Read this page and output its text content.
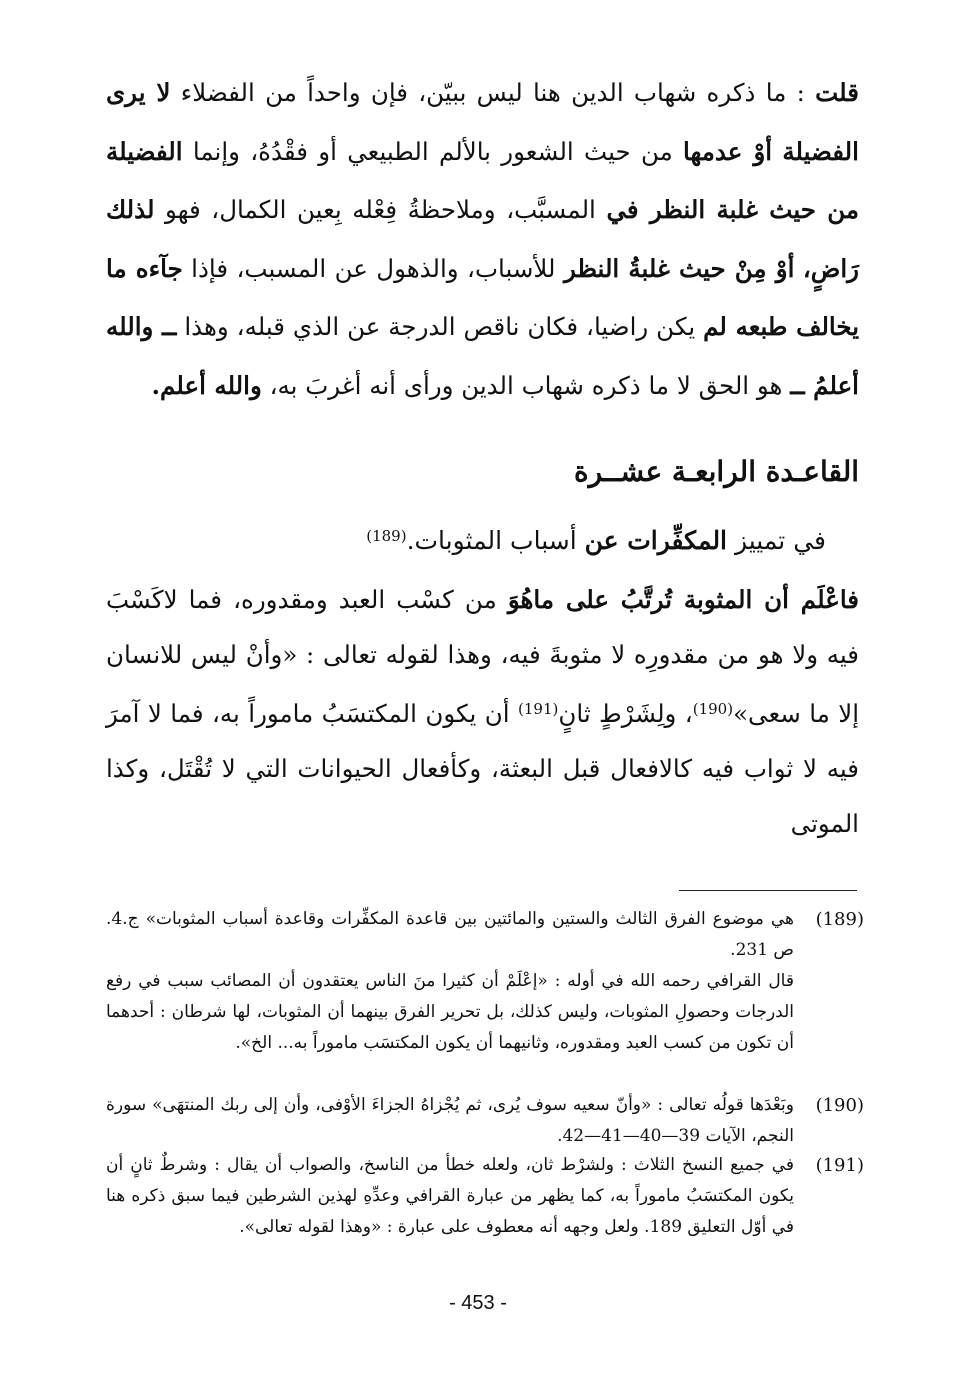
قلت : ما ذكره شهاب الدين هنا ليس ببيّن، فإن واحداً من الفضلاء لا يرى الفضيلة أوْ عدمها من حيث الشعور بالألم الطبيعي أو فقْدُهُ، وإنما الفضيلة من حيث غلبة النظر في المسبَّب، وملاحظةُ فِعْله بِعين الكمال، فهو لذلك رَاضٍ، أوْ مِنْ حيث غلبةُ النظر للأسباب، والذهول عن المسبب، فإذا جآءه ما يخالف طبعه لم يكن راضيا، فكان ناقص الدرجة عن الذي قبله، وهذا ــ والله أعلمُ ــ هو الحق لا ما ذكره شهاب الدين ورأى أنه أغربَ به، والله أعلم.

القاعـدة الرابعـة عشــرة
في تمييز المكفِّرات عن أسباب المثوبات.$^{(189)}$

فاعْلَم أن المثوبة تُرتَّبُ على ماهُوَ من كسْب العبد ومقدوره، فما لاكَسْبَ فيه ولا هو من مقدورِه لا مثوبةَ فيه، وهذا لقوله تعالى : «وأنْ ليس للانسان إلا ما سعى»$^{(190)}$، ولِشَرْطٍ ثانٍ$^{(191)}$ أن يكون المكتسَبُ ماموراً به، فما لا آمرَ فيه لا ثواب فيه كالافعال قبل البعثة، وكأفعال الحيوانات التي لا تُقْتَل، وكذا الموتى

(189)
هي موضوع الفرق الثالث والستين والمائتين بين قاعدة المكفِّرات وقاعدة أسباب المثوبات» ج.4. ص 231.
قال القرافي رحمه الله في أوله : «إعْلَمْ أن كثيرا منَ الناس يعتقدون أن المصائب سبب في رفع الدرجات وحصولِ المثوبات، وليس كذلك، بل تحرير الفرق بينهما أن المثوبات، لها شرطان : أحدهما أن تكون من كسب العبد ومقدوره، وثانيهما أن يكون المكتسَب ماموراً به... الخ».
(190)
وبَعْدَها قولُه تعالى : «وأنّ سعيه سوف يُرى، ثم يُجْزاهُ الجزاءَ الأوْفى، وأن إلى ربك المنتهَى» سورة النجم، الآيات 39—40—41—42.
(191)
في جميع النسخ الثلاث : ولشرْط ثان، ولعله خطأ من الناسخ، والصواب أن يقال : وشرطٌ ثانٍ أن يكون المكتسَبُ ماموراً به، كما يظهر من عبارة القرافي وعدِّهِ لهذين الشرطين فيما سبق ذكره هنا في أوّل التعليق 189. ولعل وجهه أنه معطوف على عبارة : «وهذا لقوله تعالى».
- 453 -
